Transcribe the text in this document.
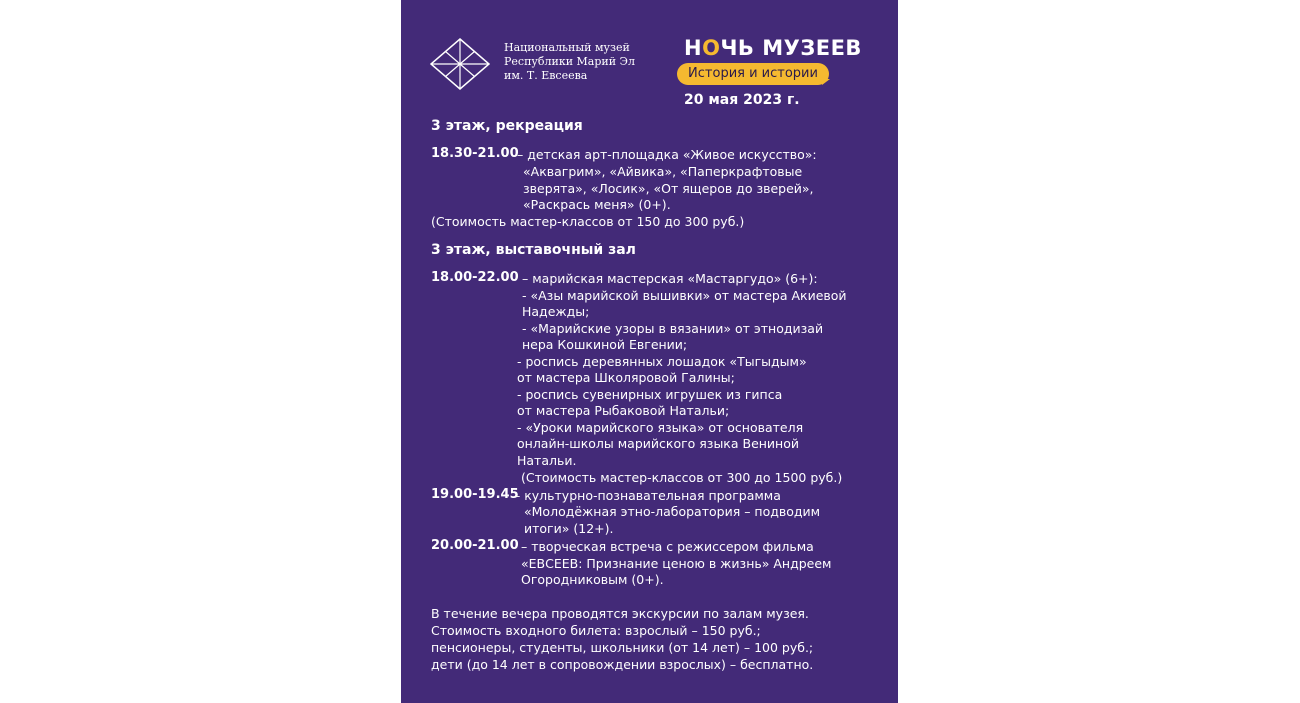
Национальный музей
Республики Марий Эл
им. Т. Евсеева
НОЧЬ МУЗЕЕВ
История и истории
20 мая 2023 г.
3 этаж, рекреация
18.30-21.00
– детская арт-площадка «Живое искусство»:
«Аквагрим», «Айвика», «Паперкрафтовые
зверята», «Лосик», «От ящеров до зверей»,
«Раскрась меня» (0+).
(Стоимость мастер-классов от 150 до 300 руб.)
3 этаж, выставочный зал
18.00-22.00 – марийская мастерская «Мастаргудо» (6+):
- «Азы марийской вышивки» от мастера Акиевой
Надежды;
- «Марийские узоры в вязании» от этнодизай
нера Кошкиной Евгении;
- роспись деревянных лошадок «Тыгыдым»
от мастера Школяровой Галины;
- роспись сувенирных игрушек из гипса
от мастера Рыбаковой Натальи;
- «Уроки марийского языка» от основателя
онлайн-школы марийского языка Вениной
Натальи.
(Стоимость мастер-классов от 300 до 1500 руб.)
19.00-19.45
– культурно-познавательная программа
«Молодёжная этно-лаборатория – подводим
итоги» (12+).
20.00-21.00 – творческая встреча с режиссером фильма
«ЕВСЕЕВ: Признание ценою в жизнь» Андреем
Огородниковым (0+).
В течение вечера проводятся экскурсии по залам музея.
Стоимость входного билета: взрослый – 150 руб.;
пенсионеры, студенты, школьники (от 14 лет) – 100 руб.;
дети (до 14 лет в сопровождении взрослых) – бесплатно.
